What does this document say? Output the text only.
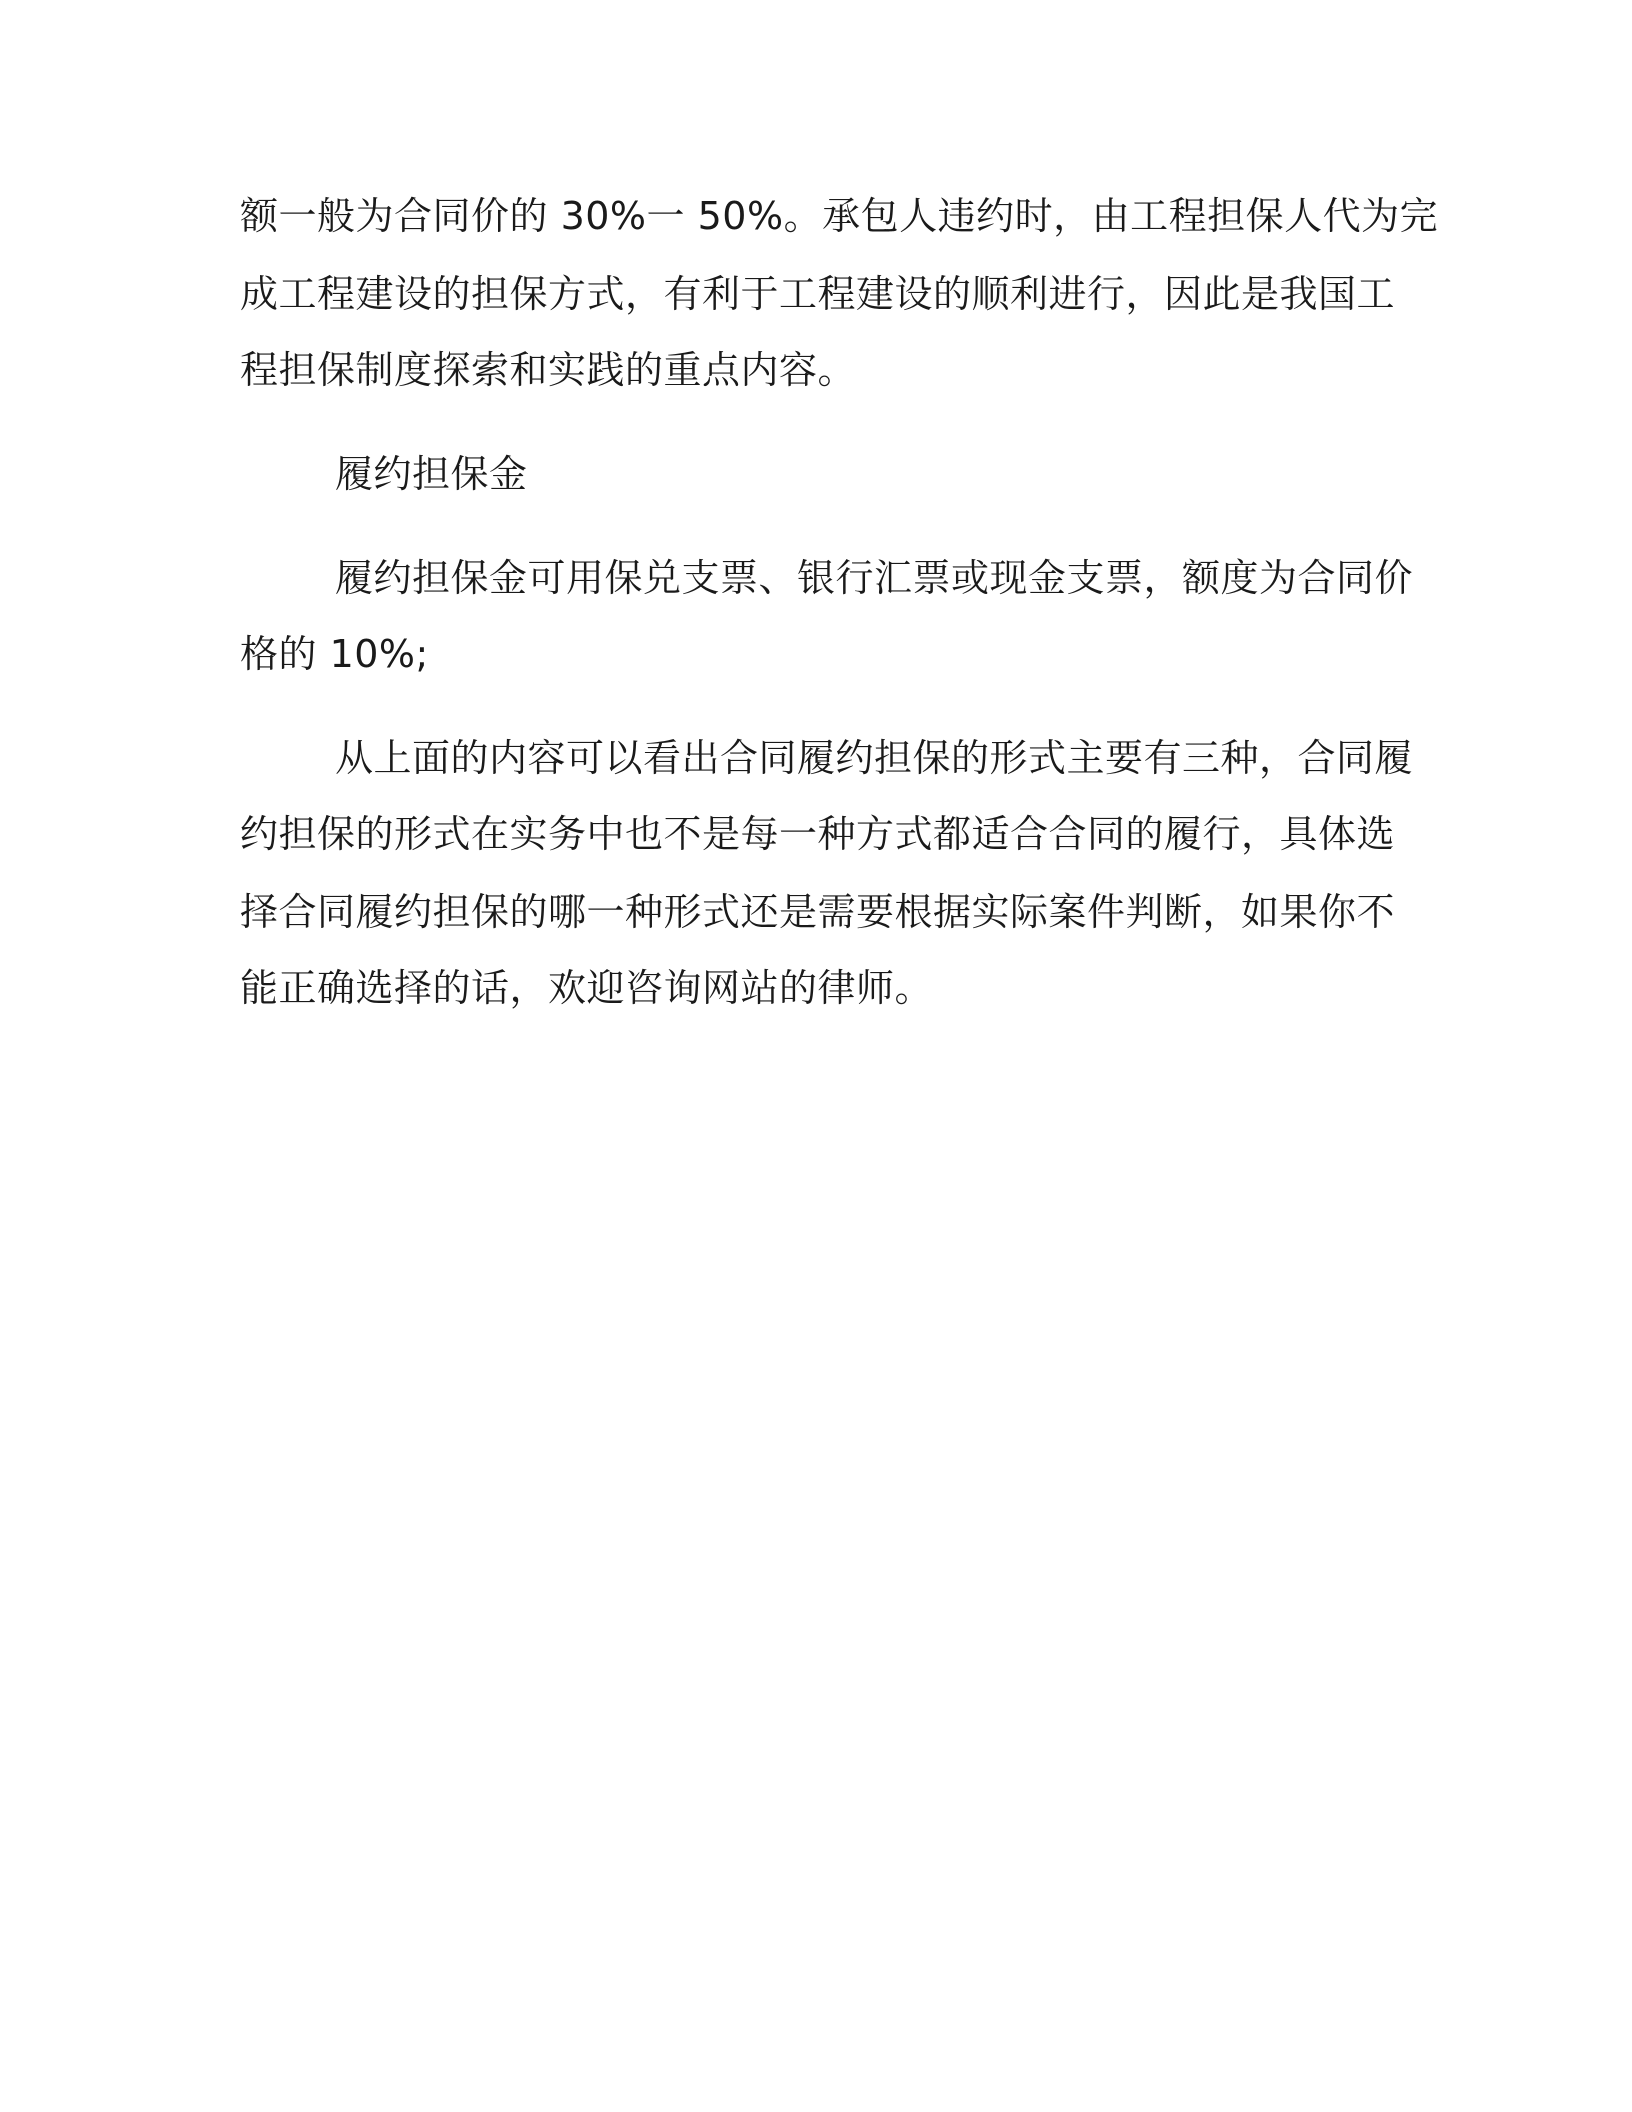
额一般为合同价的 30%一 50%。承包人违约时，由工程担保人代为完

成工程建设的担保方式，有利于工程建设的顺利进行，因此是我国工

程担保制度探索和实践的重点内容。

履约担保金

履约担保金可用保兑支票、银行汇票或现金支票，额度为合同价

格的 10%;

从上面的内容可以看出合同履约担保的形式主要有三种，合同履

约担保的形式在实务中也不是每一种方式都适合合同的履行，具体选

择合同履约担保的哪一种形式还是需要根据实际案件判断，如果你不

能正确选择的话，欢迎咨询网站的律师。
